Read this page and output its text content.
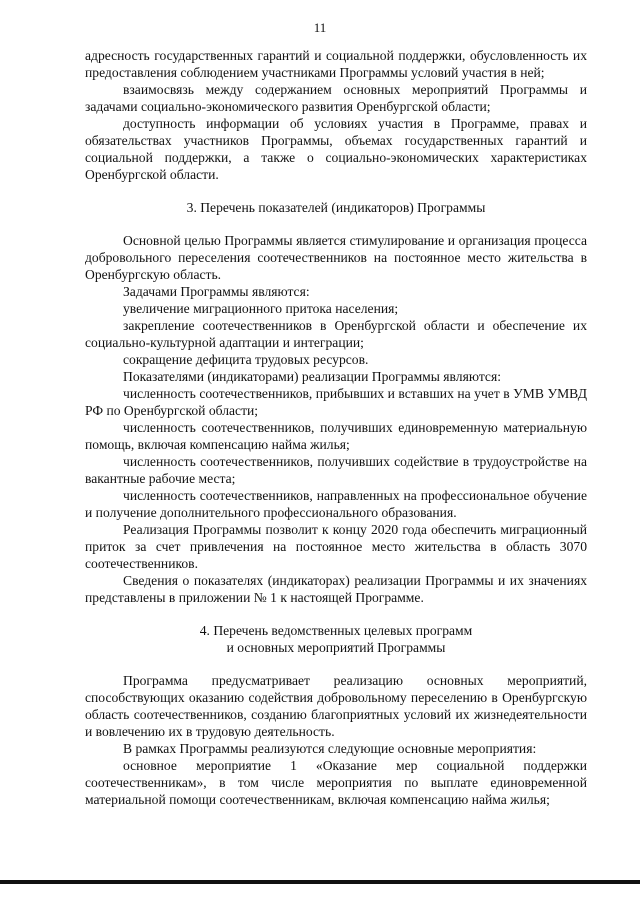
11

адресность государственных гарантий и социальной поддержки, обусловленность их предоставления соблюдением участниками Программы условий участия в ней;

взаимосвязь между содержанием основных мероприятий Программы и задачами социально-экономического развития Оренбургской области;

доступность информации об условиях участия в Программе, правах и обязательствах участников Программы, объемах государственных гарантий и социальной поддержки, а также о социально-экономических характеристиках Оренбургской области.

3. Перечень показателей (индикаторов) Программы

Основной целью Программы является стимулирование и организация процесса добровольного переселения соотечественников на постоянное место жительства в Оренбургскую область.

Задачами Программы являются:

увеличение миграционного притока населения;

закрепление соотечественников в Оренбургской области и обеспечение их социально-культурной адаптации и интеграции;

сокращение дефицита трудовых ресурсов.

Показателями (индикаторами) реализации Программы являются:

численность соотечественников, прибывших и вставших на учет в УМВ УМВД РФ по Оренбургской области;

численность соотечественников, получивших единовременную материальную помощь, включая компенсацию найма жилья;

численность соотечественников, получивших содействие в трудоустройстве на вакантные рабочие места;

численность соотечественников, направленных на профессиональное обучение и получение дополнительного профессионального образования.

Реализация Программы позволит к концу 2020 года обеспечить миграционный приток за счет привлечения на постоянное место жительства в область 3070 соотечественников.

Сведения о показателях (индикаторах) реализации Программы и их значениях представлены в приложении № 1 к настоящей Программе.

4. Перечень ведомственных целевых программ
и основных мероприятий Программы

Программа предусматривает реализацию основных мероприятий, способствующих оказанию содействия добровольному переселению в Оренбургскую область соотечественников, созданию благоприятных условий их жизнедеятельности и вовлечению их в трудовую деятельность.

В рамках Программы реализуются следующие основные мероприятия:

основное мероприятие 1 «Оказание мер социальной поддержки соотечественникам», в том числе мероприятия по выплате единовременной материальной помощи соотечественникам, включая компенсацию найма жилья;
